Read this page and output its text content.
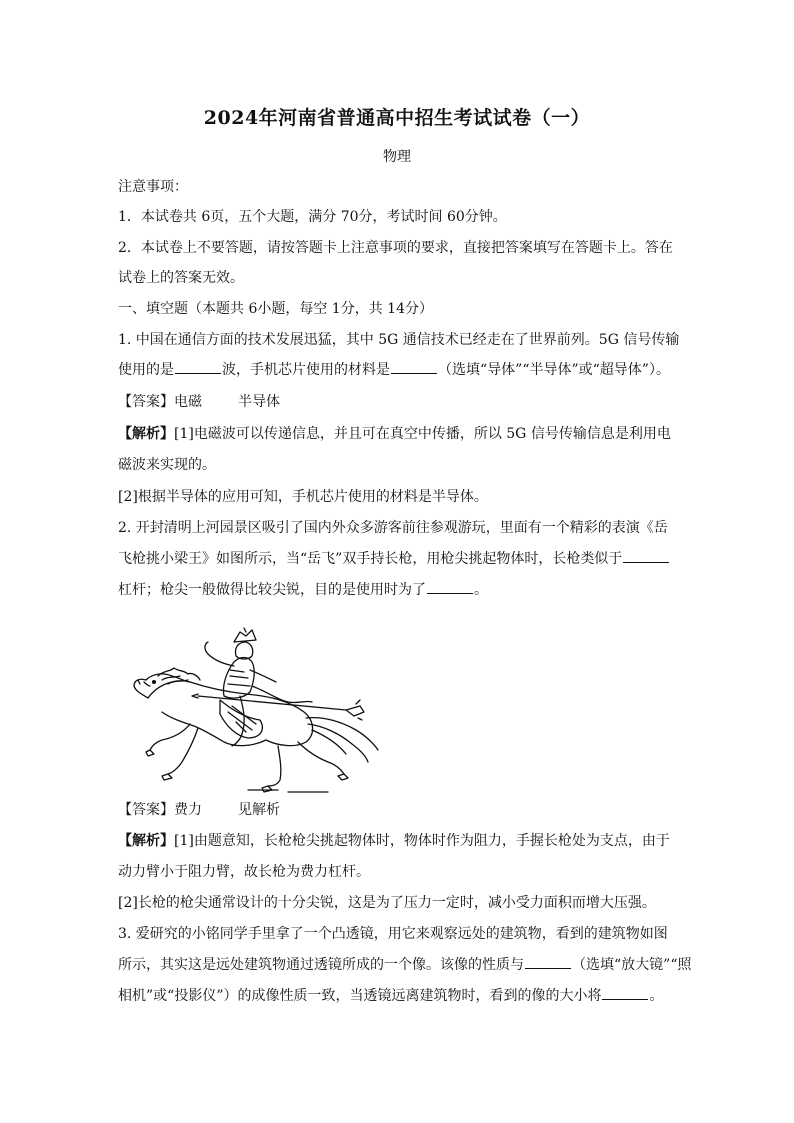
2024年河南省普通高中招生考试试卷（一）
物理
注意事项：
1．本试卷共 6页，五个大题，满分 70分，考试时间 60分钟。
2．本试卷上不要答题，请按答题卡上注意事项的要求，直接把答案填写在答题卡上。答在
试卷上的答案无效。
一、填空题（本题共 6小题，每空 1分，共 14分）
1. 中国在通信方面的技术发展迅猛，其中 5G 通信技术已经走在了世界前列。5G 信号传输
使用的是	波，手机芯片使用的材料是	（选填“导体”“半导体”或“超导体”）。
【答案】电磁	半导体
【解析】[1]电磁波可以传递信息，并且可在真空中传播，所以 5G 信号传输信息是利用电
磁波来实现的。
[2]根据半导体的应用可知，手机芯片使用的材料是半导体。
2. 开封清明上河园景区吸引了国内外众多游客前往参观游玩，里面有一个精彩的表演《岳
飞枪挑小梁王》如图所示，当“岳飞”双手持长枪，用枪尖挑起物体时，长枪类似于
杠杆；枪尖一般做得比较尖锐，目的是使用时为了	。
【答案】费力	见解析
【解析】[1]由题意知，长枪枪尖挑起物体时，物体时作为阻力，手握长枪处为支点，由于
动力臂小于阻力臂，故长枪为费力杠杆。
[2]长枪的枪尖通常设计的十分尖锐，这是为了压力一定时，减小受力面积而增大压强。
3. 爱研究的小铭同学手里拿了一个凸透镜，用它来观察远处的建筑物，看到的建筑物如图
所示，其实这是远处建筑物通过透镜所成的一个像。该像的性质与	（选填“放大镜”“照
相机”或“投影仪”）的成像性质一致，当透镜远离建筑物时，看到的像的大小将	。
